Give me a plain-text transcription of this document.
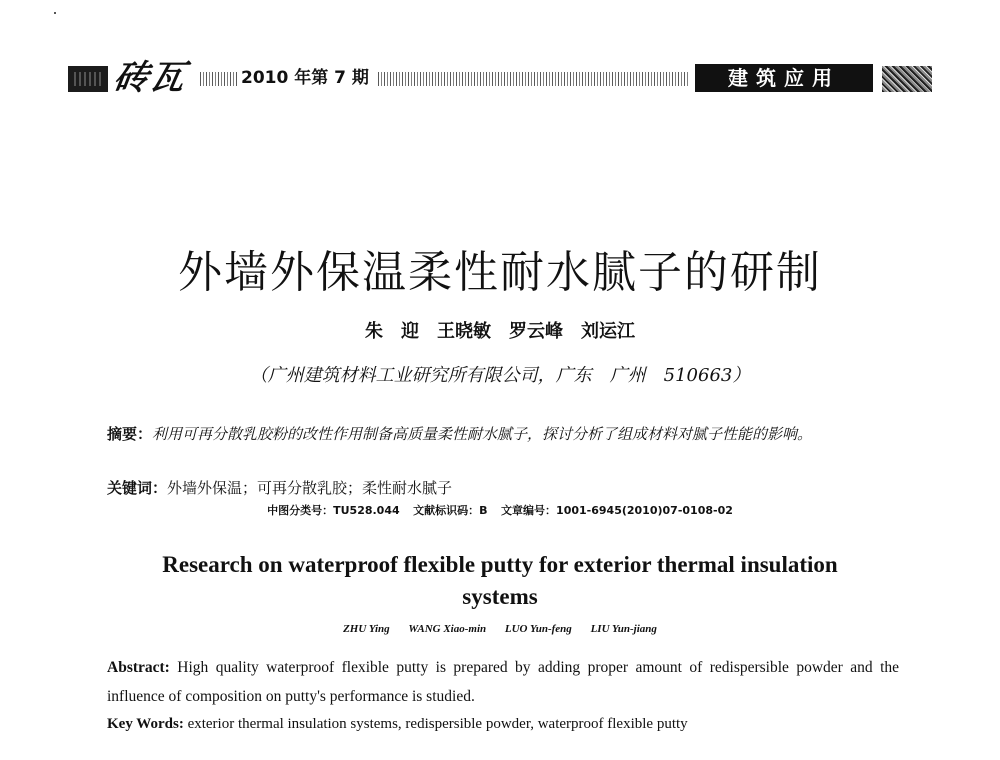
砖瓦	2010 年第 7 期	建筑应用
外墙外保温柔性耐水腻子的研制
朱　迎　王晓敏　罗云峰　刘运江
（广州建筑材料工业研究所有限公司，广东　广州　510663）
摘要：利用可再分散乳胶粉的改性作用制备高质量柔性耐水腻子，探讨分析了组成材料对腻子性能的影响。
关键词：外墙外保温；可再分散乳胶；柔性耐水腻子
中图分类号：TU528.044 文献标识码：B 文章编号：1001-6945(2010)07-0108-02
Research on waterproof flexible putty for exterior thermal insulation systems
ZHU Ying WANG Xiao-min LUO Yun-feng LIU Yun-jiang
Abstract: High quality waterproof flexible putty is prepared by adding proper amount of redispersible powder and the influence of composition on putty's performance is studied.
Key Words: exterior thermal insulation systems, redispersible powder, waterproof flexible putty
